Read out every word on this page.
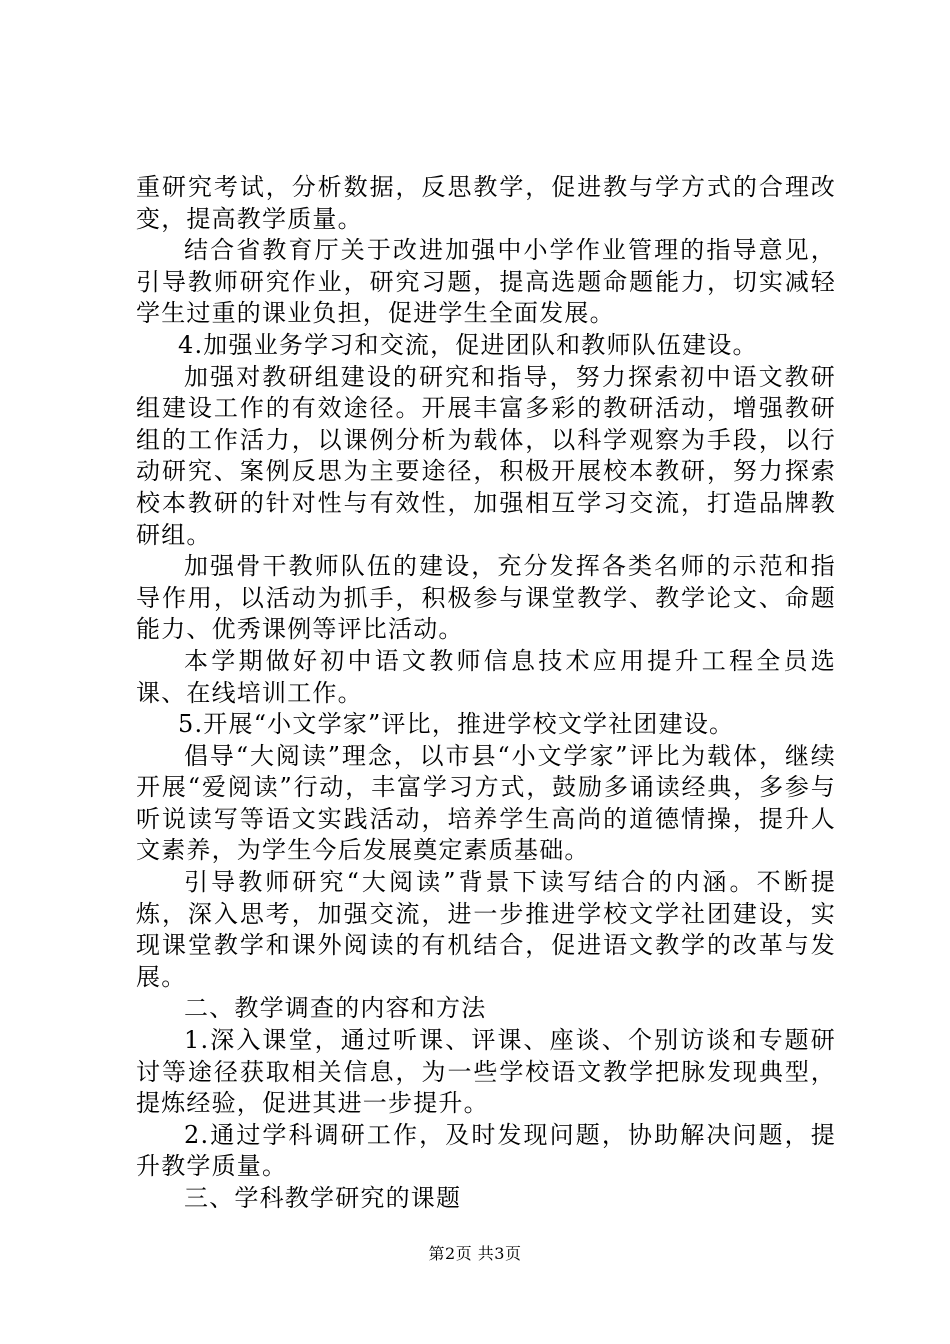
重研究考试，分析数据，反思教学，促进教与学方式的合理改变，提高教学质量。

结合省教育厅关于改进加强中小学作业管理的指导意见，引导教师研究作业，研究习题，提高选题命题能力，切实减轻学生过重的课业负担，促进学生全面发展。

4.加强业务学习和交流，促进团队和教师队伍建设。

加强对教研组建设的研究和指导，努力探索初中语文教研组建设工作的有效途径。开展丰富多彩的教研活动，增强教研组的工作活力，以课例分析为载体，以科学观察为手段，以行动研究、案例反思为主要途径，积极开展校本教研，努力探索校本教研的针对性与有效性，加强相互学习交流，打造品牌教研组。

加强骨干教师队伍的建设，充分发挥各类名师的示范和指导作用，以活动为抓手，积极参与课堂教学、教学论文、命题能力、优秀课例等评比活动。

本学期做好初中语文教师信息技术应用提升工程全员选课、在线培训工作。

5.开展“小文学家”评比，推进学校文学社团建设。

倡导“大阅读”理念，以市县“小文学家”评比为载体，继续开展“爱阅读”行动，丰富学习方式，鼓励多诵读经典，多参与听说读写等语文实践活动，培养学生高尚的道德情操，提升人文素养，为学生今后发展奠定素质基础。

引导教师研究“大阅读”背景下读写结合的内涵。不断提炼，深入思考，加强交流，进一步推进学校文学社团建设，实现课堂教学和课外阅读的有机结合，促进语文教学的改革与发展。

二、教学调查的内容和方法

1.深入课堂，通过听课、评课、座谈、个别访谈和专题研讨等途径获取相关信息，为一些学校语文教学把脉发现典型，提炼经验，促进其进一步提升。

2.通过学科调研工作，及时发现问题，协助解决问题，提升教学质量。

三、学科教学研究的课题

第2页 共3页
